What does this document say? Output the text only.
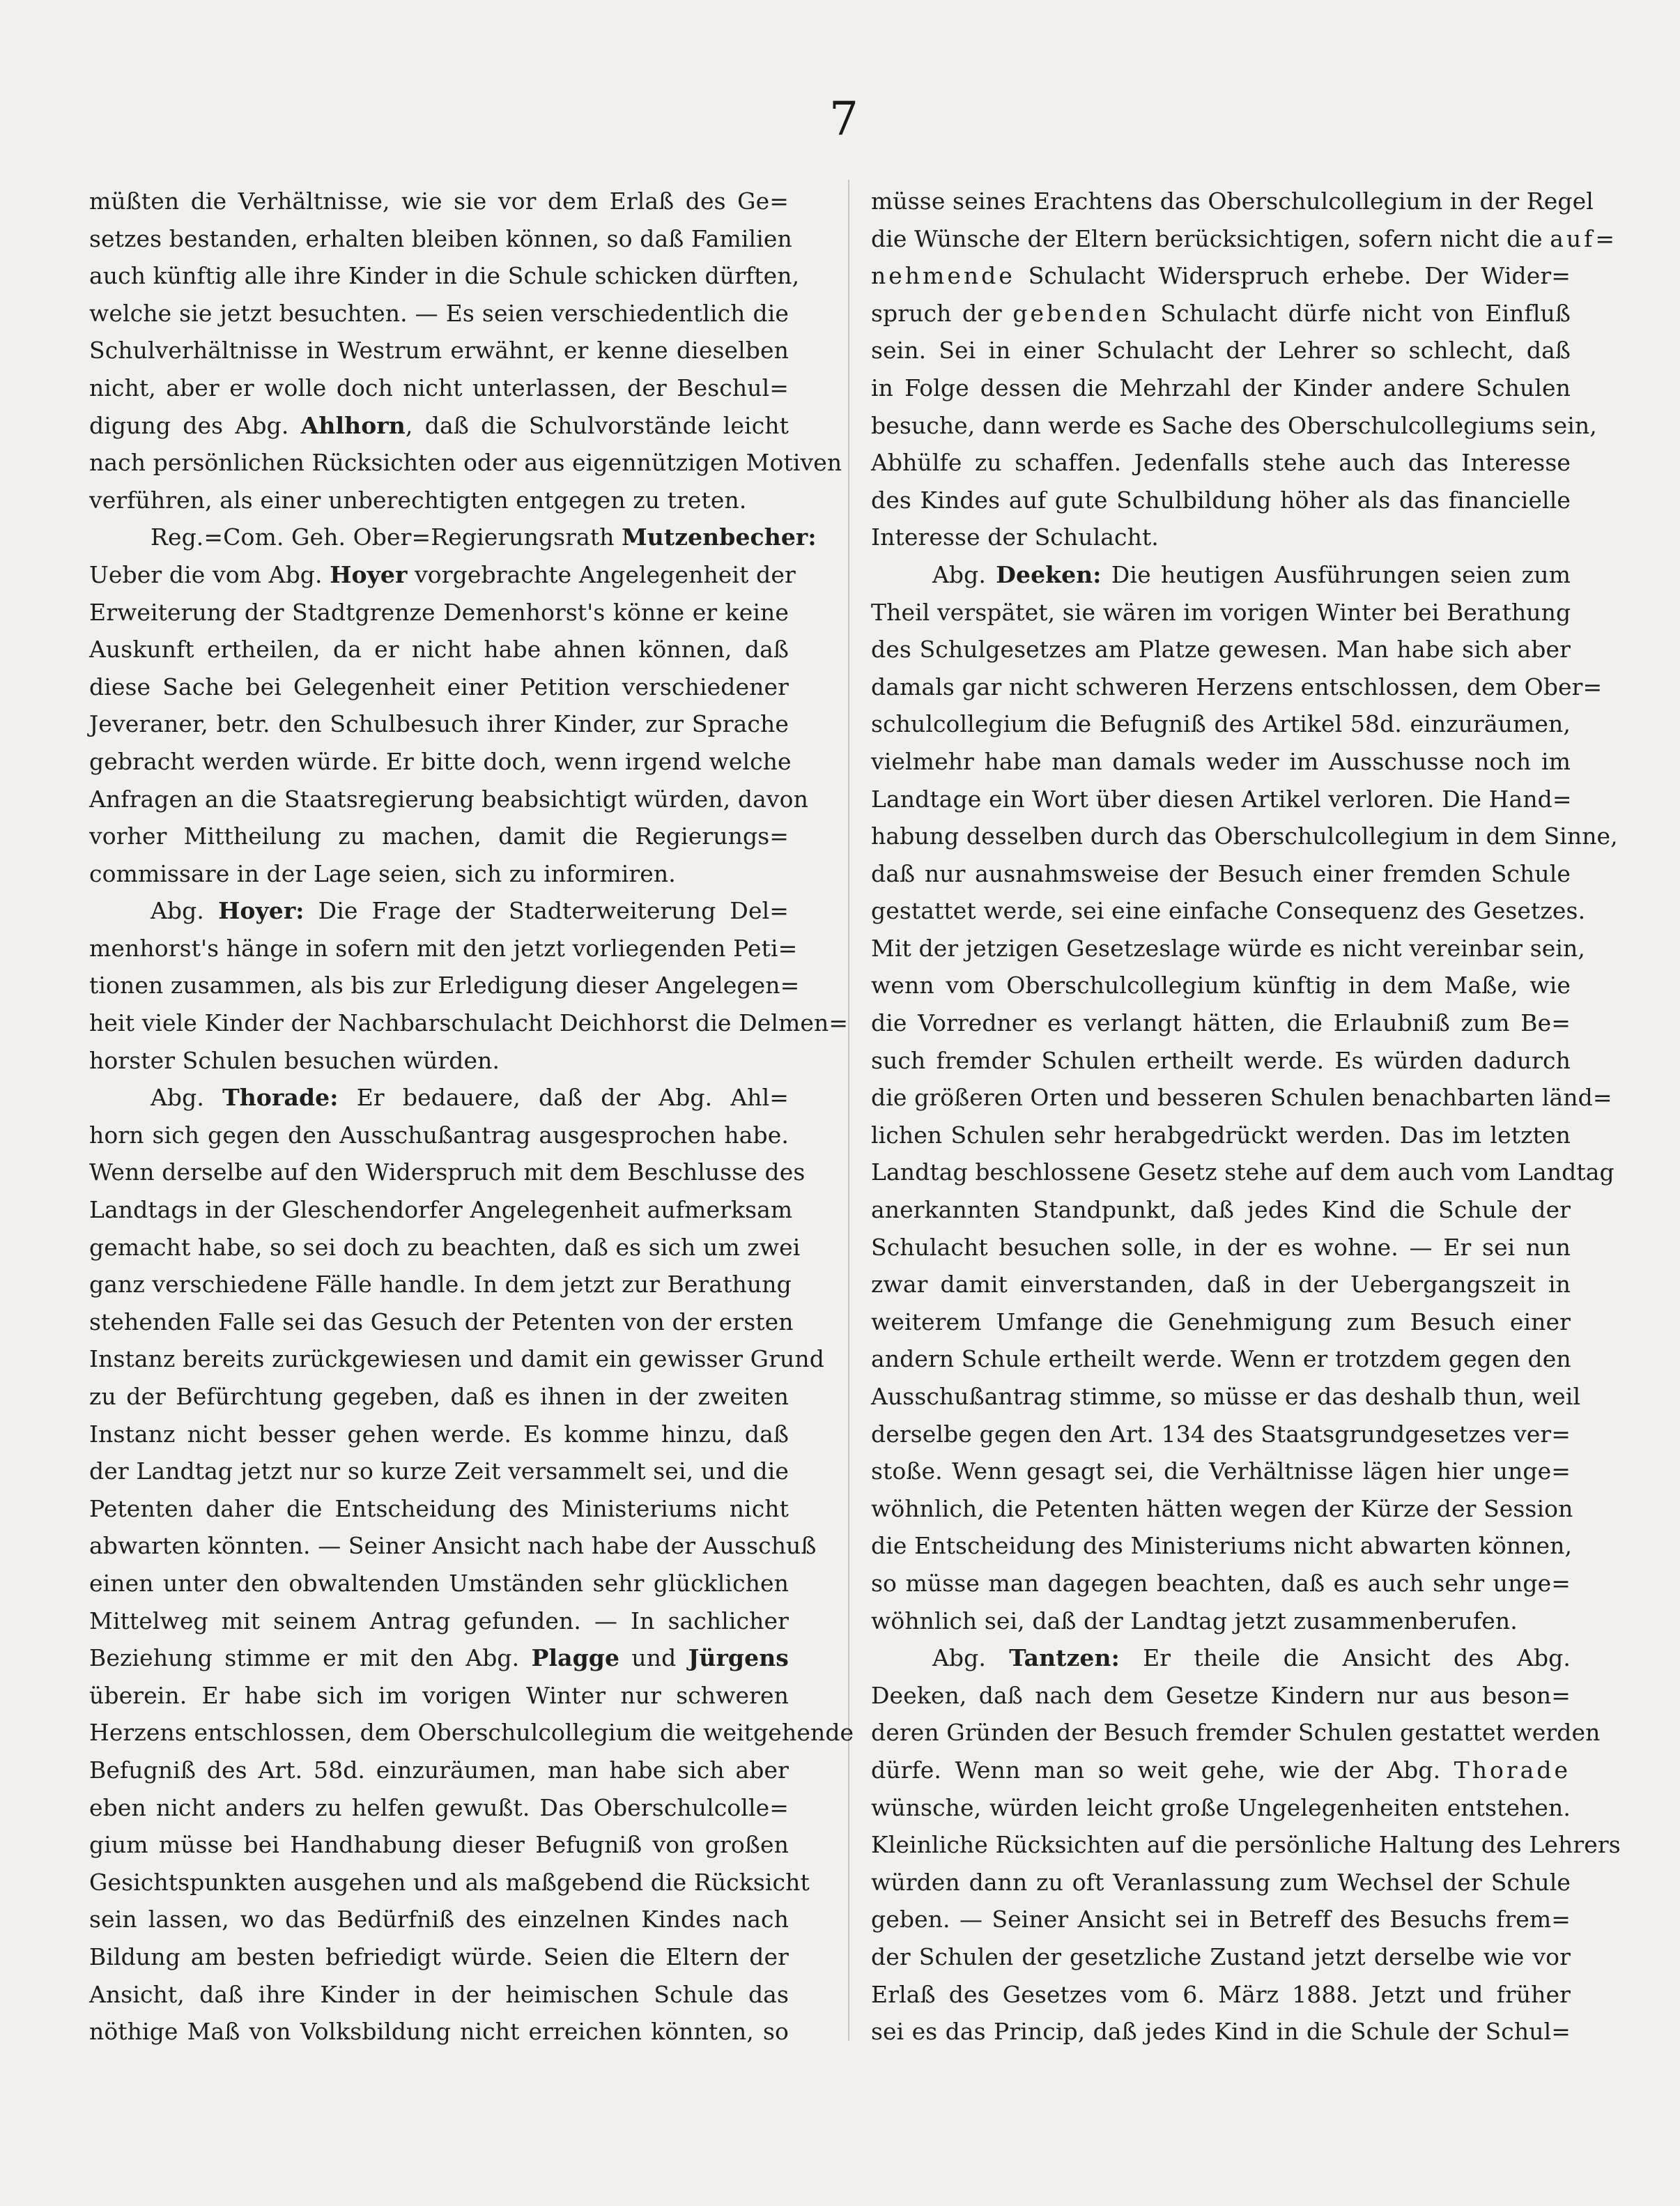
7
müßten die Verhältnisse, wie sie vor dem Erlaß des Ge=
setzes bestanden, erhalten bleiben können, so daß Familien
auch künftig alle ihre Kinder in die Schule schicken dürften,
welche sie jetzt besuchten. — Es seien verschiedentlich die
Schulverhältnisse in Westrum erwähnt, er kenne dieselben
nicht, aber er wolle doch nicht unterlassen, der Beschul=
digung des Abg. Ahlhorn, daß die Schulvorstände leicht
nach persönlichen Rücksichten oder aus eigennützigen Motiven
verführen, als einer unberechtigten entgegen zu treten.
Reg.=Com. Geh. Ober=Regierungsrath Mutzenbecher:
Ueber die vom Abg. Hoyer vorgebrachte Angelegenheit der
Erweiterung der Stadtgrenze Demenhorst's könne er keine
Auskunft ertheilen, da er nicht habe ahnen können, daß
diese Sache bei Gelegenheit einer Petition verschiedener
Jeveraner, betr. den Schulbesuch ihrer Kinder, zur Sprache
gebracht werden würde. Er bitte doch, wenn irgend welche
Anfragen an die Staatsregierung beabsichtigt würden, davon
vorher Mittheilung zu machen, damit die Regierungs=
commissare in der Lage seien, sich zu informiren.
Abg. Hoyer: Die Frage der Stadterweiterung Del=
menhorst's hänge in sofern mit den jetzt vorliegenden Peti=
tionen zusammen, als bis zur Erledigung dieser Angelegen=
heit viele Kinder der Nachbarschulacht Deichhorst die Delmen=
horster Schulen besuchen würden.
Abg. Thorade: Er bedauere, daß der Abg. Ahl=
horn sich gegen den Ausschußantrag ausgesprochen habe.
Wenn derselbe auf den Widerspruch mit dem Beschlusse des
Landtags in der Gleschendorfer Angelegenheit aufmerksam
gemacht habe, so sei doch zu beachten, daß es sich um zwei
ganz verschiedene Fälle handle. In dem jetzt zur Berathung
stehenden Falle sei das Gesuch der Petenten von der ersten
Instanz bereits zurückgewiesen und damit ein gewisser Grund
zu der Befürchtung gegeben, daß es ihnen in der zweiten
Instanz nicht besser gehen werde. Es komme hinzu, daß
der Landtag jetzt nur so kurze Zeit versammelt sei, und die
Petenten daher die Entscheidung des Ministeriums nicht
abwarten könnten. — Seiner Ansicht nach habe der Ausschuß
einen unter den obwaltenden Umständen sehr glücklichen
Mittelweg mit seinem Antrag gefunden. — In sachlicher
Beziehung stimme er mit den Abg. Plagge und Jürgens
überein. Er habe sich im vorigen Winter nur schweren
Herzens entschlossen, dem Oberschulcollegium die weitgehende
Befugniß des Art. 58d. einzuräumen, man habe sich aber
eben nicht anders zu helfen gewußt. Das Oberschulcolle=
gium müsse bei Handhabung dieser Befugniß von großen
Gesichtspunkten ausgehen und als maßgebend die Rücksicht
sein lassen, wo das Bedürfniß des einzelnen Kindes nach
Bildung am besten befriedigt würde. Seien die Eltern der
Ansicht, daß ihre Kinder in der heimischen Schule das
nöthige Maß von Volksbildung nicht erreichen könnten, so
müsse seines Erachtens das Oberschulcollegium in der Regel
die Wünsche der Eltern berücksichtigen, sofern nicht die auf=
nehmende Schulacht Widerspruch erhebe. Der Wider=
spruch der gebenden Schulacht dürfe nicht von Einfluß
sein. Sei in einer Schulacht der Lehrer so schlecht, daß
in Folge dessen die Mehrzahl der Kinder andere Schulen
besuche, dann werde es Sache des Oberschulcollegiums sein,
Abhülfe zu schaffen. Jedenfalls stehe auch das Interesse
des Kindes auf gute Schulbildung höher als das financielle
Interesse der Schulacht.
Abg. Deeken: Die heutigen Ausführungen seien zum
Theil verspätet, sie wären im vorigen Winter bei Berathung
des Schulgesetzes am Platze gewesen. Man habe sich aber
damals gar nicht schweren Herzens entschlossen, dem Ober=
schulcollegium die Befugniß des Artikel 58d. einzuräumen,
vielmehr habe man damals weder im Ausschusse noch im
Landtage ein Wort über diesen Artikel verloren. Die Hand=
habung desselben durch das Oberschulcollegium in dem Sinne,
daß nur ausnahmsweise der Besuch einer fremden Schule
gestattet werde, sei eine einfache Consequenz des Gesetzes.
Mit der jetzigen Gesetzeslage würde es nicht vereinbar sein,
wenn vom Oberschulcollegium künftig in dem Maße, wie
die Vorredner es verlangt hätten, die Erlaubniß zum Be=
such fremder Schulen ertheilt werde. Es würden dadurch
die größeren Orten und besseren Schulen benachbarten länd=
lichen Schulen sehr herabgedrückt werden. Das im letzten
Landtag beschlossene Gesetz stehe auf dem auch vom Landtag
anerkannten Standpunkt, daß jedes Kind die Schule der
Schulacht besuchen solle, in der es wohne. — Er sei nun
zwar damit einverstanden, daß in der Uebergangszeit in
weiterem Umfange die Genehmigung zum Besuch einer
andern Schule ertheilt werde. Wenn er trotzdem gegen den
Ausschußantrag stimme, so müsse er das deshalb thun, weil
derselbe gegen den Art. 134 des Staatsgrundgesetzes ver=
stoße. Wenn gesagt sei, die Verhältnisse lägen hier unge=
wöhnlich, die Petenten hätten wegen der Kürze der Session
die Entscheidung des Ministeriums nicht abwarten können,
so müsse man dagegen beachten, daß es auch sehr unge=
wöhnlich sei, daß der Landtag jetzt zusammenberufen.
Abg. Tantzen: Er theile die Ansicht des Abg.
Deeken, daß nach dem Gesetze Kindern nur aus beson=
deren Gründen der Besuch fremder Schulen gestattet werden
dürfe. Wenn man so weit gehe, wie der Abg. Thorade
wünsche, würden leicht große Ungelegenheiten entstehen.
Kleinliche Rücksichten auf die persönliche Haltung des Lehrers
würden dann zu oft Veranlassung zum Wechsel der Schule
geben. — Seiner Ansicht sei in Betreff des Besuchs frem=
der Schulen der gesetzliche Zustand jetzt derselbe wie vor
Erlaß des Gesetzes vom 6. März 1888. Jetzt und früher
sei es das Princip, daß jedes Kind in die Schule der Schul=
